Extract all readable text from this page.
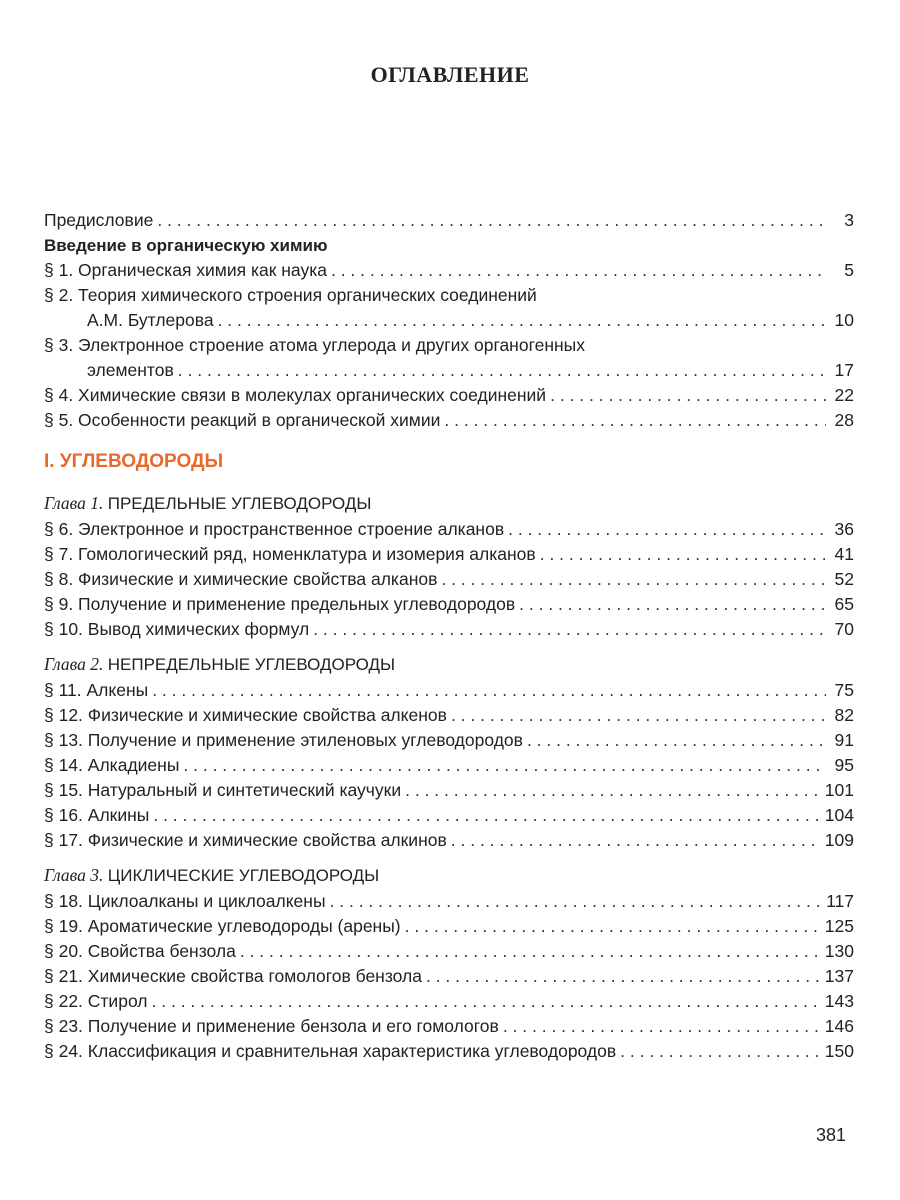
ОГЛАВЛЕНИЕ
Предисловие . . .	3
Введение в органическую химию
§ 1. Органическая химия как наука . . .	5
§ 2. Теория химического строения органических соединений
А.М. Бутлерова . . .	10
§ 3. Электронное строение атома углерода и других органогенных
элементов . . .	17
§ 4. Химические связи в молекулах органических соединений . . .	22
§ 5. Особенности реакций в органической химии . . .	28
I. УГЛЕВОДОРОДЫ
Глава 1. ПРЕДЕЛЬНЫЕ УГЛЕВОДОРОДЫ
§ 6. Электронное и пространственное строение алканов . . .	36
§ 7. Гомологический ряд, номенклатура и изомерия алканов . . .	41
§ 8. Физические и химические свойства алканов . . .	52
§ 9. Получение и применение предельных углеводородов . . .	65
§ 10. Вывод химических формул . . .	70
Глава 2. НЕПРЕДЕЛЬНЫЕ УГЛЕВОДОРОДЫ
§ 11. Алкены . . .	75
§ 12. Физические и химические свойства алкенов . . .	82
§ 13. Получение и применение этиленовых углеводородов . . .	91
§ 14. Алкадиены . . .	95
§ 15. Натуральный и синтетический каучуки . . .	101
§ 16. Алкины . . .	104
§ 17. Физические и химические свойства алкинов . . .	109
Глава 3. ЦИКЛИЧЕСКИЕ УГЛЕВОДОРОДЫ
§ 18. Циклоалканы и циклоалкены . . .	117
§ 19. Ароматические углеводороды (арены) . . .	125
§ 20. Свойства бензола . . .	130
§ 21. Химические свойства гомологов бензола . . .	137
§ 22. Стирол . . .	143
§ 23. Получение и применение бензола и его гомологов . . .	146
§ 24. Классификация и сравнительная характеристика углеводородов . . .	150
381
